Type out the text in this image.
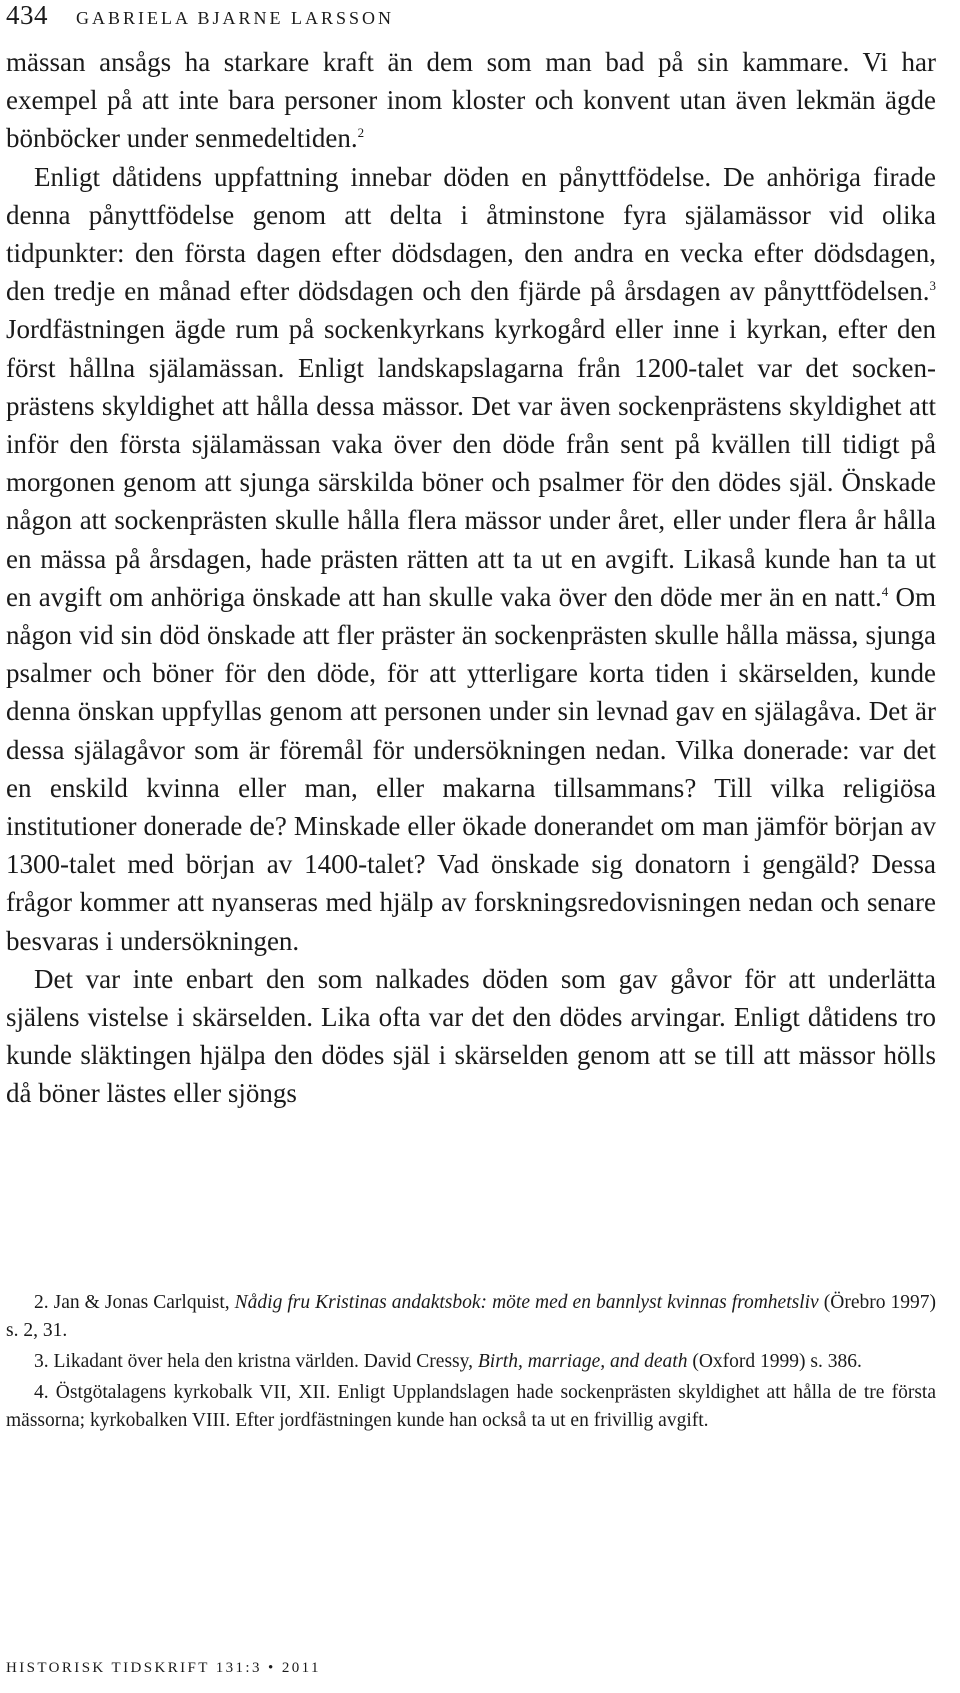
434 GABRIELA BJARNE LARSSON

mässan ansågs ha starkare kraft än dem som man bad på sin kammare. Vi har exempel på att inte bara personer inom kloster och konvent utan även lekmän ägde bönböcker under senmedeltiden.$^2$

Enligt dåtidens uppfattning innebar döden en pånyttfödelse. De anhöriga firade denna pånyttfödelse genom att delta i åtminstone fyra själamässor vid olika tidpunkter: den första dagen efter dödsdagen, den andra en vecka efter dödsdagen, den tredje en månad efter dödsdagen och den fjärde på årsdagen av pånyttfödelsen.$^3$ Jordfästningen ägde rum på sockenkyrkans kyrkogård eller inne i kyrkan, efter den först hållna själamässan. Enligt landskapslagarna från 1200-talet var det sockenprästens skyldighet att hålla dessa mässor. Det var även sockenprästens skyldighet att inför den första själamässan vaka över den döde från sent på kvällen till tidigt på morgonen genom att sjunga särskilda böner och psalmer för den dödes själ. Önskade någon att sockenprästen skulle hålla flera mässor under året, eller under flera år hålla en mässa på årsdagen, hade prästen rätten att ta ut en avgift. Likaså kunde han ta ut en avgift om anhöriga önskade att han skulle vaka över den döde mer än en natt.$^4$ Om någon vid sin död önskade att fler präster än sockenprästen skulle hålla mässa, sjunga psalmer och böner för den döde, för att ytterligare korta tiden i skärselden, kunde denna önskan uppfyllas genom att personen under sin levnad gav en själagåva. Det är dessa själagåvor som är föremål för undersökningen nedan. Vilka donerade: var det en enskild kvinna eller man, eller makarna tillsammans? Till vilka religiösa institutioner donerade de? Minskade eller ökade donerandet om man jämför början av 1300-talet med början av 1400-talet? Vad önskade sig donatorn i gengäld? Dessa frågor kommer att nyanseras med hjälp av forskningsredovisningen nedan och senare besvaras i undersökningen.

Det var inte enbart den som nalkades döden som gav gåvor för att underlätta själens vistelse i skärselden. Lika ofta var det den dödes arvingar. Enligt dåtidens tro kunde släktingen hjälpa den dödes själ i skärselden genom att se till att mässor hölls då böner lästes eller sjöngs

2. Jan & Jonas Carlquist, Nådig fru Kristinas andaktsbok: möte med en bannlyst kvinnas fromhetsliv (Örebro 1997) s. 2, 31.

3. Likadant över hela den kristna världen. David Cressy, Birth, marriage, and death (Oxford 1999) s. 386.

4. Östgötalagens kyrkobalk VII, XII. Enligt Upplandslagen hade sockenprästen skyldighet att hålla de tre första mässorna; kyrkobalken VIII. Efter jordfästningen kunde han också ta ut en frivillig avgift.

HISTORISK TIDSKRIFT 131:3 • 2011
